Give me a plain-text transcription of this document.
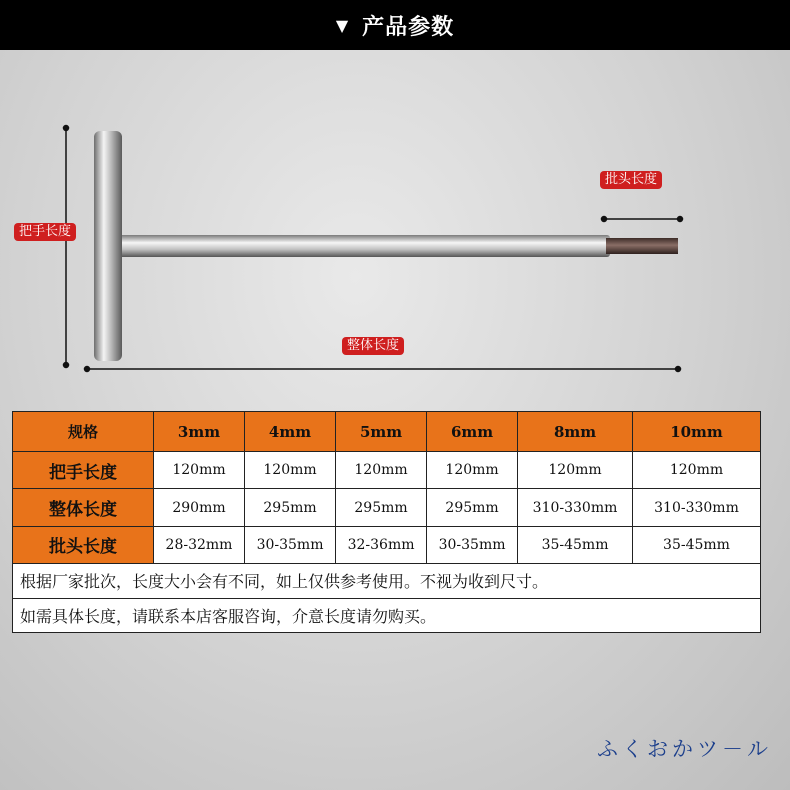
▼ 产品参数
把手长度
批头长度
整体长度
规格	3mm	4mm	5mm	6mm	8mm	10mm
把手长度	120mm	120mm	120mm	120mm	120mm	120mm
整体长度	290mm	295mm	295mm	295mm	310-330mm	310-330mm
批头长度	28-32mm	30-35mm	32-36mm	30-35mm	35-45mm	35-45mm
根据厂家批次，长度大小会有不同，如上仅供参考使用。不视为收到尺寸。						
如需具体长度，请联系本店客服咨询，介意长度请勿购买。						
ふくおかツ－ル
